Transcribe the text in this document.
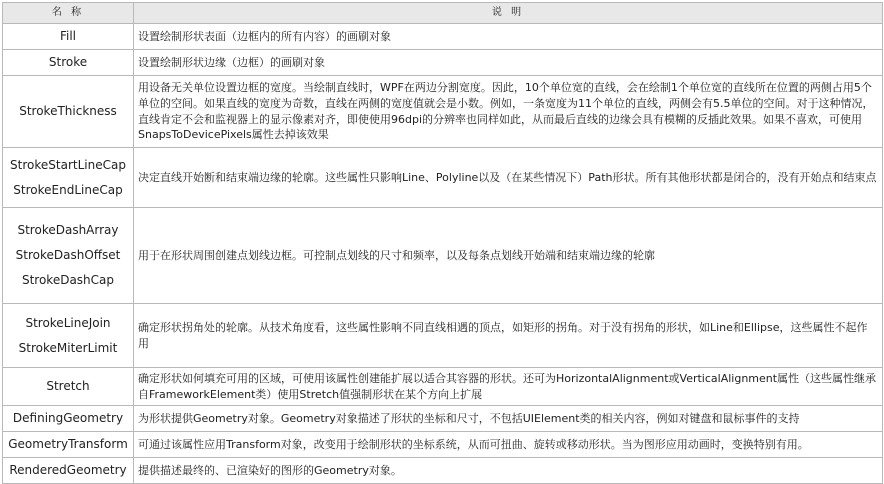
名 称	说 明

Fill	设置绘制形状表面（边框内的所有内容）的画刷对象

Stroke	设置绘制形状边缘（边框）的画刷对象

StrokeThickness	用设备无关单位设置边框的宽度。当绘制直线时，WPF在两边分割宽度。因此，10个单位宽的直线，会在绘制1个单位宽的直线所在位置的两侧占用5个单位的空间。如果直线的宽度为奇数，直线在两侧的宽度值就会是小数。例如，一条宽度为11个单位的直线，两侧会有5.5单位的空间。对于这种情况，直线肯定不会和监视器上的显示像素对齐，即使使用96dpi的分辨率也同样如此，从而最后直线的边缘会具有模糊的反插此效果。如果不喜欢，可使用SnapsToDevicePixels属性去掉该效果

StrokeStartLineCap
StrokeEndLineCap	决定直线开始断和结束端边缘的轮廓。这些属性只影响Line、Polyline以及（在某些情况下）Path形状。所有其他形状都是闭合的，没有开始点和结束点

StrokeDashArray
StrokeDashOffset
StrokeDashCap	用于在形状周围创建点划线边框。可控制点划线的尺寸和频率，以及每条点划线开始端和结束端边缘的轮廓

StrokeLineJoin
StrokeMiterLimit	确定形状拐角处的轮廓。从技术角度看，这些属性影响不同直线相遇的顶点，如矩形的拐角。对于没有拐角的形状，如Line和Ellipse，这些属性不起作用

Stretch	确定形状如何填充可用的区域，可使用该属性创建能扩展以适合其容器的形状。还可为HorizontalAlignment或VerticalAlignment属性（这些属性继承自FrameworkElement类）使用Stretch值强制形状在某个方向上扩展

DefiningGeometry	为形状提供Geometry对象。Geometry对象描述了形状的坐标和尺寸，不包括UIElement类的相关内容，例如对键盘和鼠标事件的支持

GeometryTransform	可通过该属性应用Transform对象，改变用于绘制形状的坐标系统，从而可扭曲、旋转或移动形状。当为图形应用动画时，变换特别有用。

RenderedGeometry	提供描述最终的、已渲染好的图形的Geometry对象。
